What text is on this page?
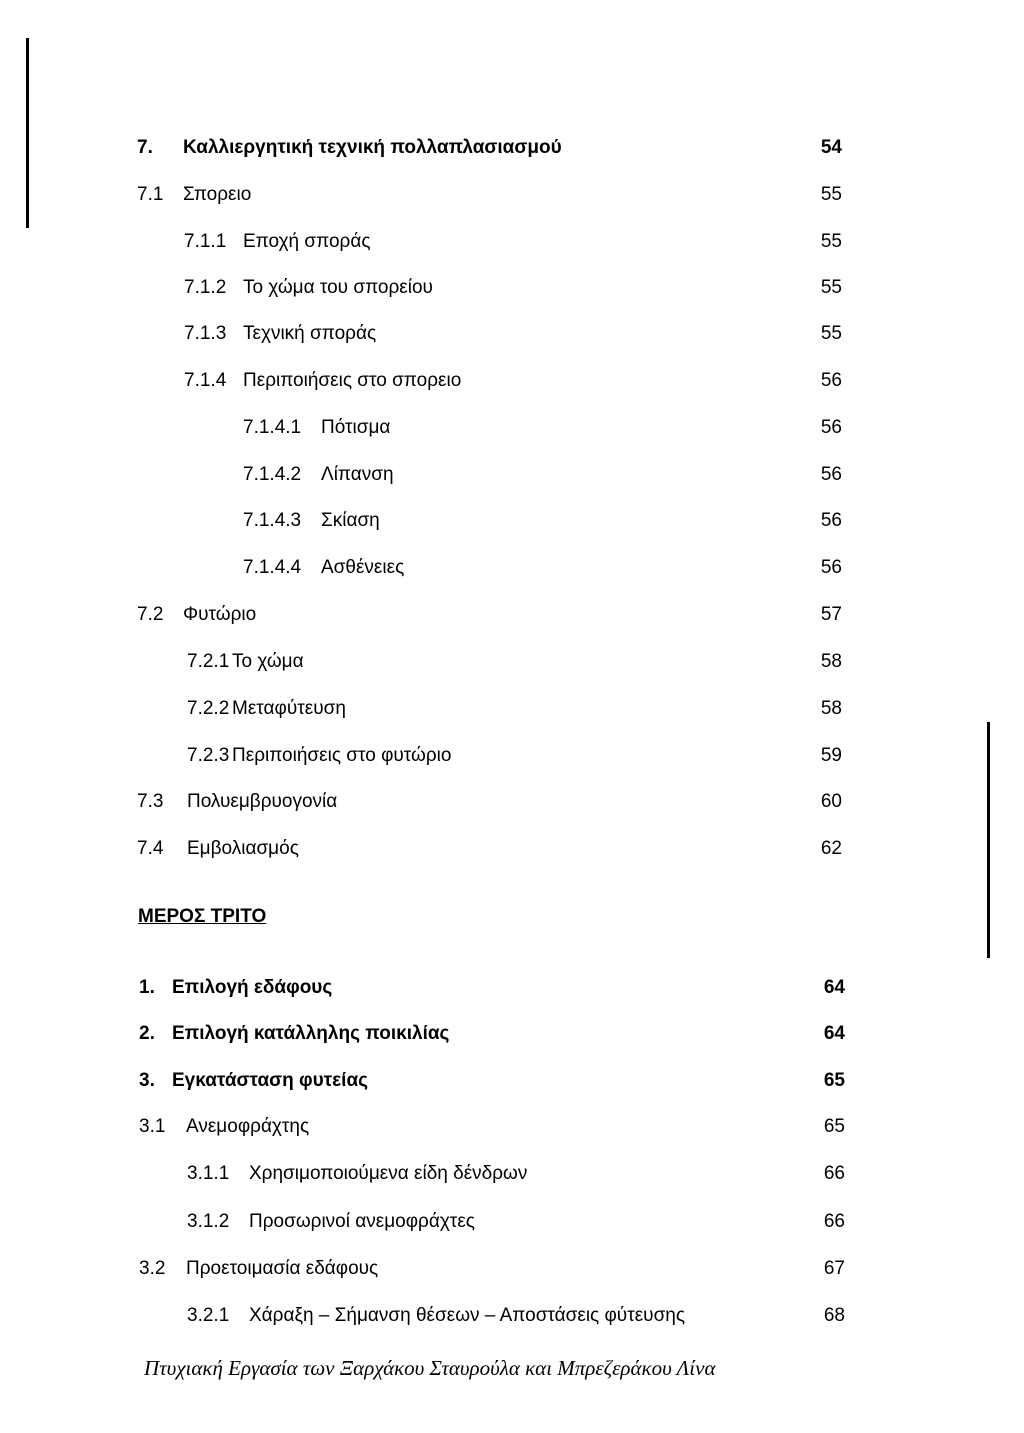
7. Καλλιεργητική τεχνική πολλαπλασιασμού	54
7.1 Σπορειο	55
7.1.1 Εποχή σποράς	55
7.1.2 Το χώμα του σπορείου	55
7.1.3 Τεχνική σποράς	55
7.1.4 Περιποιήσεις στο σπορειο	56
7.1.4.1 Πότισμα	56
7.1.4.2 Λίπανση	56
7.1.4.3 Σκίαση	56
7.1.4.4 Ασθένειες	56
7.2 Φυτώριο	57
7.2.1 Το χώμα	58
7.2.2 Μεταφύτευση	58
7.2.3 Περιποιήσεις στο φυτώριο	59
7.3 Πολυεμβρυογονία	60
7.4 Εμβολιασμός	62
ΜΕΡΟΣ ΤΡΙΤΟ
1. Επιλογή εδάφους	64
2. Επιλογή κατάλληλης ποικιλίας	64
3. Εγκατάσταση φυτείας	65
3.1 Ανεμοφράχτης	65
3.1.1 Χρησιμοποιούμενα είδη δένδρων	66
3.1.2 Προσωρινοί ανεμοφράχτες	66
3.2 Προετοιμασία εδάφους	67
3.2.1 Χάραξη – Σήμανση θέσεων – Αποστάσεις φύτευσης	68
Πτυχιακή Εργασία των Ξαρχάκου Σταυρούλα και Μπρεζεράκου Λίνα
